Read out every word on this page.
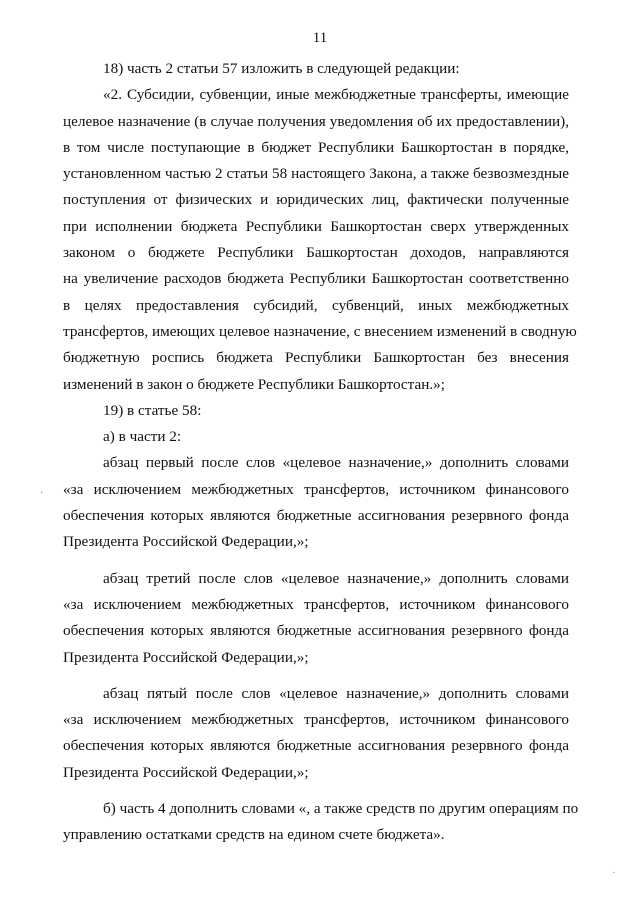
11
18) часть 2 статьи 57 изложить в следующей редакции:
«2. Субсидии, субвенции, иные межбюджетные трансферты, имеющие
целевое назначение (в случае получения уведомления об их предоставлении),
в том числе поступающие в бюджет Республики Башкортостан в порядке,
установленном частью 2 статьи 58 настоящего Закона, а также безвозмездные
поступления от физических и юридических лиц, фактически полученные
при исполнении бюджета Республики Башкортостан сверх утвержденных
законом о бюджете Республики Башкортостан доходов, направляются
на увеличение расходов бюджета Республики Башкортостан соответственно
в целях предоставления субсидий, субвенций, иных межбюджетных
трансфертов, имеющих целевое назначение, с внесением изменений в сводную
бюджетную роспись бюджета Республики Башкортостан без внесения
изменений в закон о бюджете Республики Башкортостан.»;
19) в статье 58:
а) в части 2:
абзац первый после слов «целевое назначение,» дополнить словами
«за исключением межбюджетных трансфертов, источником финансового
обеспечения которых являются бюджетные ассигнования резервного фонда
Президента Российской Федерации,»;
абзац третий после слов «целевое назначение,» дополнить словами
«за исключением межбюджетных трансфертов, источником финансового
обеспечения которых являются бюджетные ассигнования резервного фонда
Президента Российской Федерации,»;
абзац пятый после слов «целевое назначение,» дополнить словами
«за исключением межбюджетных трансфертов, источником финансового
обеспечения которых являются бюджетные ассигнования резервного фонда
Президента Российской Федерации,»;
б) часть 4 дополнить словами «, а также средств по другим операциям по
управлению остатками средств на едином счете бюджета».
·
·
